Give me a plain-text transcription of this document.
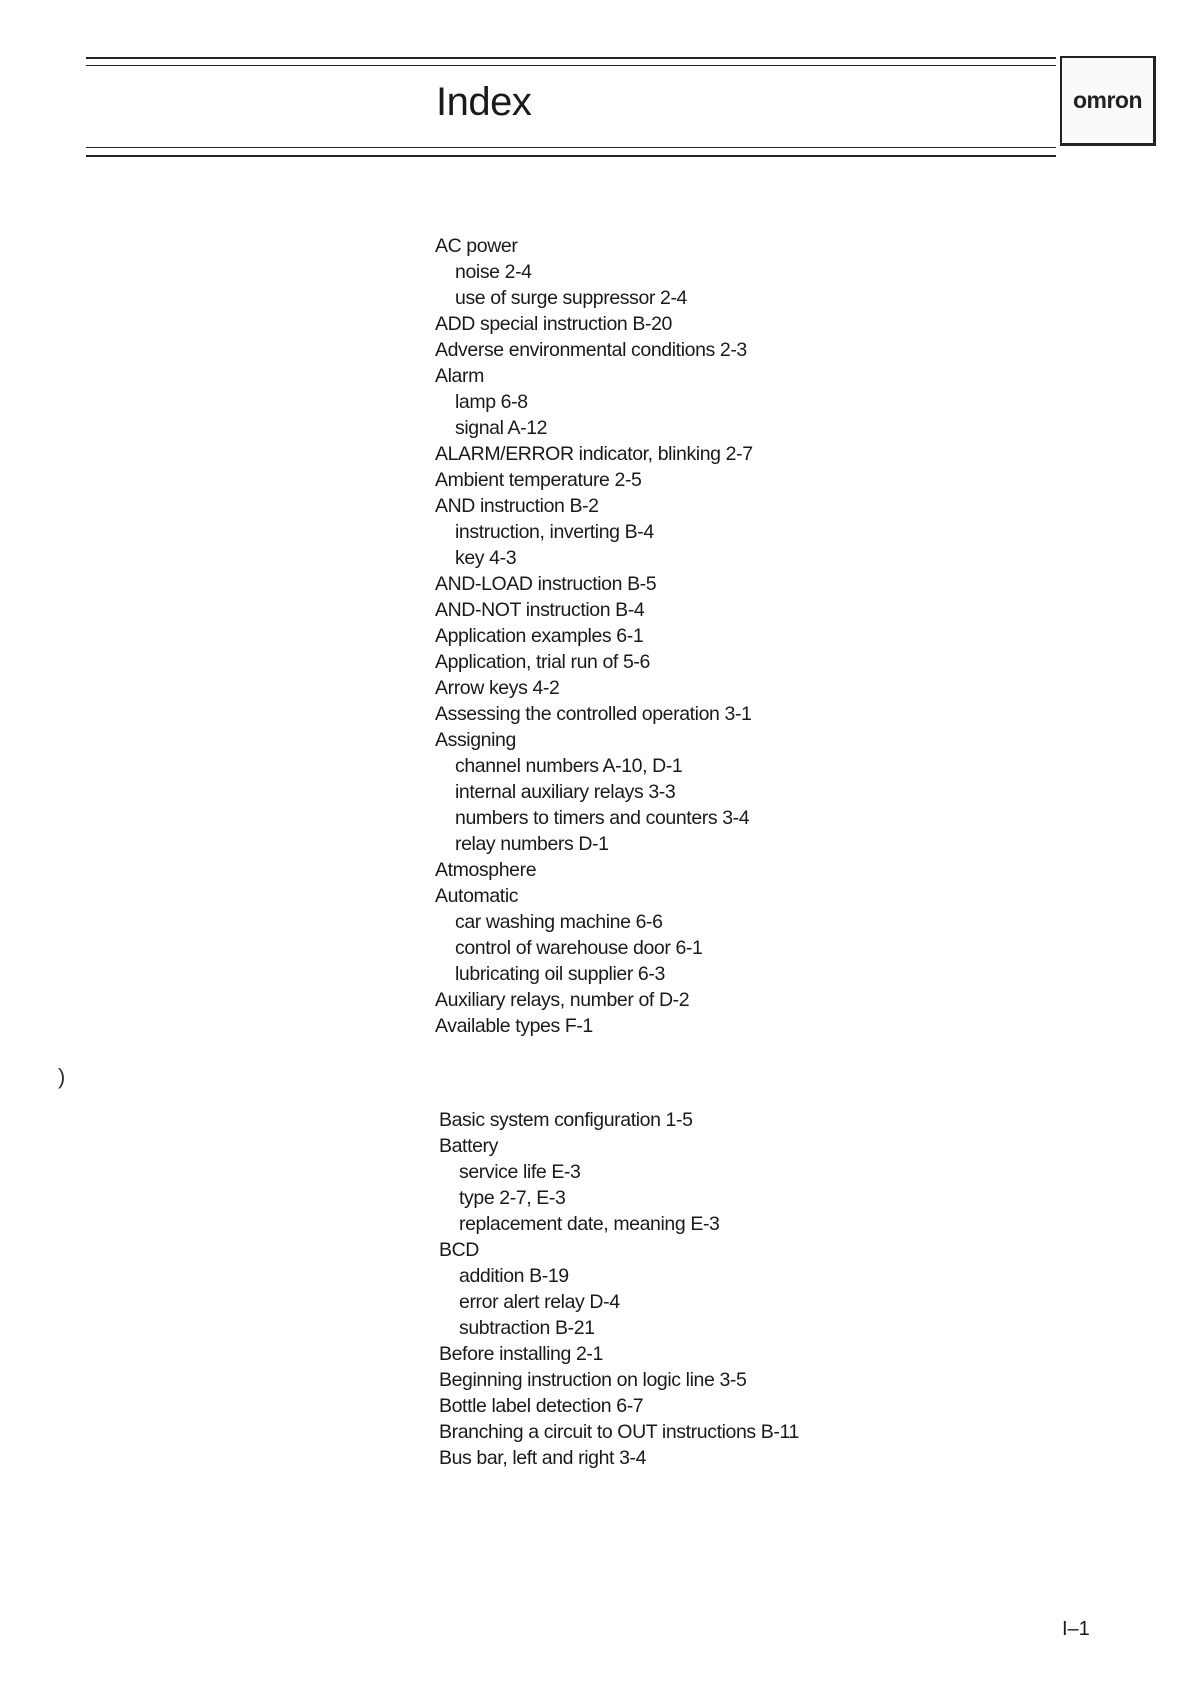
Index	omron
)
AC power
noise 2-4
use of surge suppressor 2-4
ADD special instruction B-20
Adverse environmental conditions 2-3
Alarm
lamp 6-8
signal A-12
ALARM/ERROR indicator, blinking 2-7
Ambient temperature 2-5
AND instruction B-2
instruction, inverting B-4
key 4-3
AND-LOAD instruction B-5
AND-NOT instruction B-4
Application examples 6-1
Application, trial run of 5-6
Arrow keys 4-2
Assessing the controlled operation 3-1
Assigning
channel numbers A-10, D-1
internal auxiliary relays 3-3
numbers to timers and counters 3-4
relay numbers D-1
Atmosphere
Automatic
car washing machine 6-6
control of warehouse door 6-1
lubricating oil supplier 6-3
Auxiliary relays, number of D-2
Available types F-1
Basic system configuration 1-5
Battery
service life E-3
type 2-7, E-3
replacement date, meaning E-3
BCD
addition B-19
error alert relay D-4
subtraction B-21
Before installing 2-1
Beginning instruction on logic line 3-5
Bottle label detection 6-7
Branching a circuit to OUT instructions B-11
Bus bar, left and right 3-4
I–1
